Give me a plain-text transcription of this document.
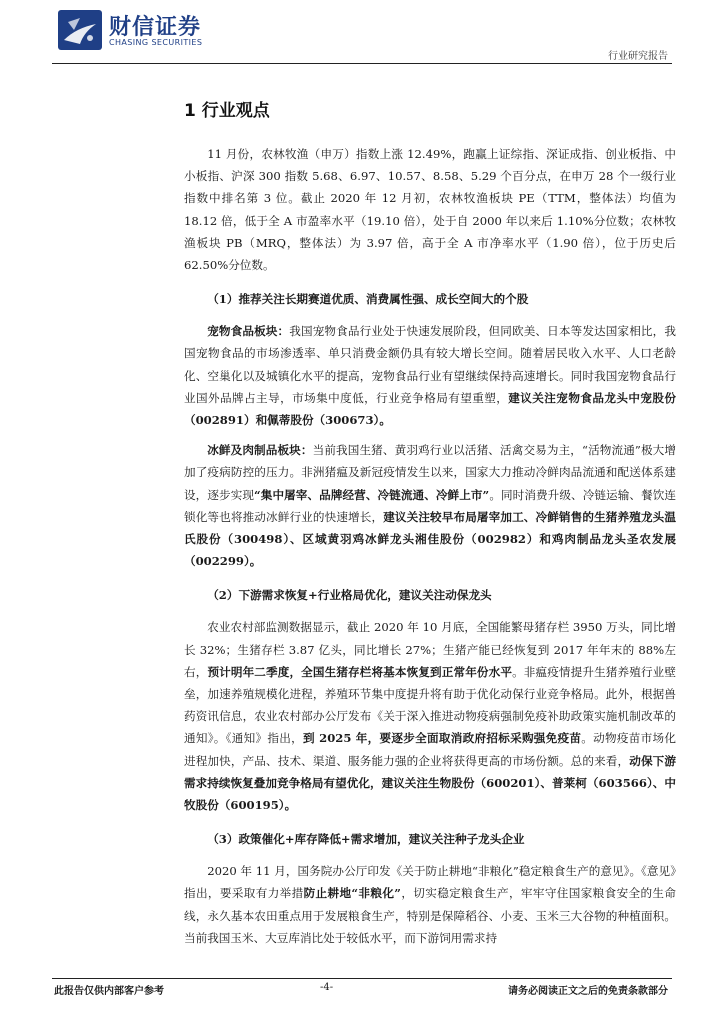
财信证券
CHASING SECURITIES
行业研究报告
1 行业观点

11 月份，农林牧渔（申万）指数上涨 12.49%，跑赢上证综指、深证成指、创业板指、中小板指、沪深 300 指数 5.68、6.97、10.57、8.58、5.29 个百分点，在申万 28 个一级行业指数中排名第 3 位。截止 2020 年 12 月初，农林牧渔板块 PE（TTM，整体法）均值为 18.12 倍，低于全 A 市盈率水平（19.10 倍），处于自 2000 年以来后 1.10%分位数；农林牧渔板块 PB（MRQ，整体法）为 3.97 倍，高于全 A 市净率水平（1.90 倍），位于历史后 62.50%分位数。

（1）推荐关注长期赛道优质、消费属性强、成长空间大的个股

宠物食品板块：我国宠物食品行业处于快速发展阶段，但同欧美、日本等发达国家相比，我国宠物食品的市场渗透率、单只消费金额仍具有较大增长空间。随着居民收入水平、人口老龄化、空巢化以及城镇化水平的提高，宠物食品行业有望继续保持高速增长。同时我国宠物食品行业国外品牌占主导，市场集中度低，行业竞争格局有望重塑，建议关注宠物食品龙头中宠股份（002891）和佩蒂股份（300673）。

冰鲜及肉制品板块：当前我国生猪、黄羽鸡行业以活猪、活禽交易为主，“活物流通”极大增加了疫病防控的压力。非洲猪瘟及新冠疫情发生以来，国家大力推动冷鲜肉品流通和配送体系建设，逐步实现“集中屠宰、品牌经营、冷链流通、冷鲜上市”。同时消费升级、冷链运输、餐饮连锁化等也将推动冰鲜行业的快速增长，建议关注较早布局屠宰加工、冷鲜销售的生猪养殖龙头温氏股份（300498）、区域黄羽鸡冰鲜龙头湘佳股份（002982）和鸡肉制品龙头圣农发展（002299）。

（2）下游需求恢复+行业格局优化，建议关注动保龙头

农业农村部监测数据显示，截止 2020 年 10 月底，全国能繁母猪存栏 3950 万头，同比增长 32%；生猪存栏 3.87 亿头，同比增长 27%；生猪产能已经恢复到 2017 年年末的 88%左右，预计明年二季度，全国生猪存栏将基本恢复到正常年份水平。非瘟疫情提升生猪养殖行业壁垒，加速养殖规模化进程，养殖环节集中度提升将有助于优化动保行业竞争格局。此外，根据兽药资讯信息，农业农村部办公厅发布《关于深入推进动物疫病强制免疫补助政策实施机制改革的通知》。《通知》指出，到 2025 年，要逐步全面取消政府招标采购强免疫苗。动物疫苗市场化进程加快，产品、技术、渠道、服务能力强的企业将获得更高的市场份额。总的来看，动保下游需求持续恢复叠加竞争格局有望优化，建议关注生物股份（600201）、普莱柯（603566）、中牧股份（600195）。

（3）政策催化+库存降低+需求增加，建议关注种子龙头企业

2020 年 11 月，国务院办公厅印发《关于防止耕地“非粮化”稳定粮食生产的意见》。《意见》指出，要采取有力举措防止耕地“非粮化”，切实稳定粮食生产，牢牢守住国家粮食安全的生命线，永久基本农田重点用于发展粮食生产，特别是保障稻谷、小麦、玉米三大谷物的种植面积。当前我国玉米、大豆库消比处于较低水平，而下游饲用需求持

此报告仅供内部客户参考	-4-	请务必阅读正文之后的免责条款部分
